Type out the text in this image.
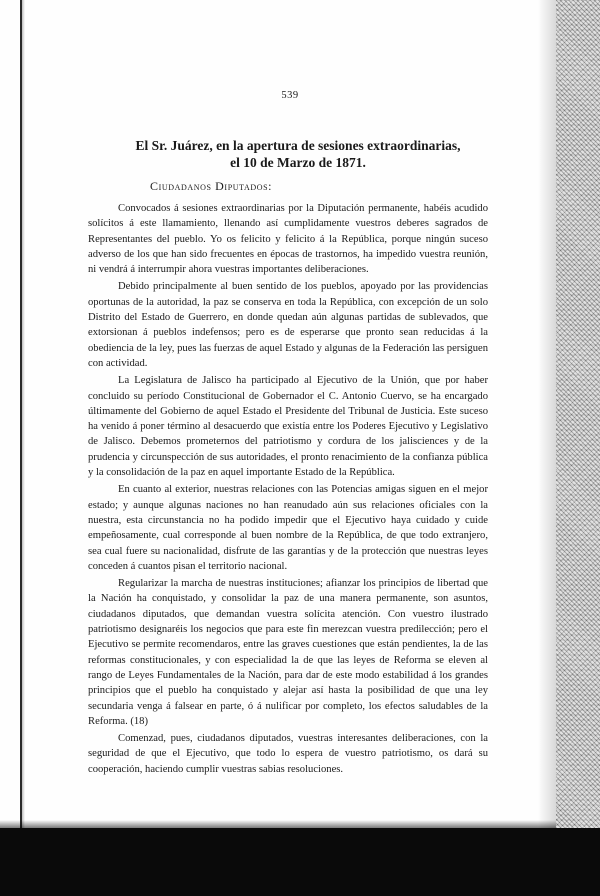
539
El Sr. Juárez, en la apertura de sesiones extraordinarias,
el 10 de Marzo de 1871.
Ciudadanos Diputados:

Convocados á sesiones extraordinarias por la Diputación permanente, habéis acudido solícitos á este llamamiento, llenando así cumplidamente vuestros deberes sagrados de Representantes del pueblo. Yo os felicito y felicito á la República, porque ningún suceso adverso de los que han sido frecuentes en épocas de trastornos, ha impedido vuestra reunión, ni vendrá á interrumpir ahora vuestras importantes deliberaciones.

Debido principalmente al buen sentido de los pueblos, apoyado por las providencias oportunas de la autoridad, la paz se conserva en toda la República, con excepción de un solo Distrito del Estado de Guerrero, en donde quedan aún algunas partidas de sublevados, que extorsionan á pueblos indefensos; pero es de esperarse que pronto sean reducidas á la obediencia de la ley, pues las fuerzas de aquel Estado y algunas de la Federación las persiguen con actividad.

La Legislatura de Jalisco ha participado al Ejecutivo de la Unión, que por haber concluido su período Constitucional de Gobernador el C. Antonio Cuervo, se ha encargado últimamente del Gobierno de aquel Estado el Presidente del Tribunal de Justicia. Este suceso ha venido á poner término al desacuerdo que existía entre los Poderes Ejecutivo y Legislativo de Jalisco. Debemos prometernos del patriotismo y cordura de los jalisciences y de la prudencia y circunspección de sus autoridades, el pronto renacimiento de la confianza pública y la consolidación de la paz en aquel importante Estado de la República.

En cuanto al exterior, nuestras relaciones con las Potencias amigas siguen en el mejor estado; y aunque algunas naciones no han reanudado aún sus relaciones oficiales con la nuestra, esta circunstancia no ha podido impedir que el Ejecutivo haya cuidado y cuide empeñosamente, cual corresponde al buen nombre de la República, de que todo extranjero, sea cual fuere su nacionalidad, disfrute de las garantías y de la protección que nuestras leyes conceden á cuantos pisan el territorio nacional.

Regularizar la marcha de nuestras instituciones; afianzar los principios de libertad que la Nación ha conquistado, y consolidar la paz de una manera permanente, son asuntos, ciudadanos diputados, que demandan vuestra solícita atención. Con vuestro ilustrado patriotismo designaréis los negocios que para este fin merezcan vuestra predilección; pero el Ejecutivo se permite recomendaros, entre las graves cuestiones que están pendientes, la de las reformas constitucionales, y con especialidad la de que las leyes de Reforma se eleven al rango de Leyes Fundamentales de la Nación, para dar de este modo estabilidad á los grandes principios que el pueblo ha conquistado y alejar así hasta la posibilidad de que una ley secundaria venga á falsear en parte, ó á nulificar por completo, los efectos saludables de la Reforma. (18)

Comenzad, pues, ciudadanos diputados, vuestras interesantes deliberaciones, con la seguridad de que el Ejecutivo, que todo lo espera de vuestro patriotismo, os dará su cooperación, haciendo cumplir vuestras sabias resoluciones.
